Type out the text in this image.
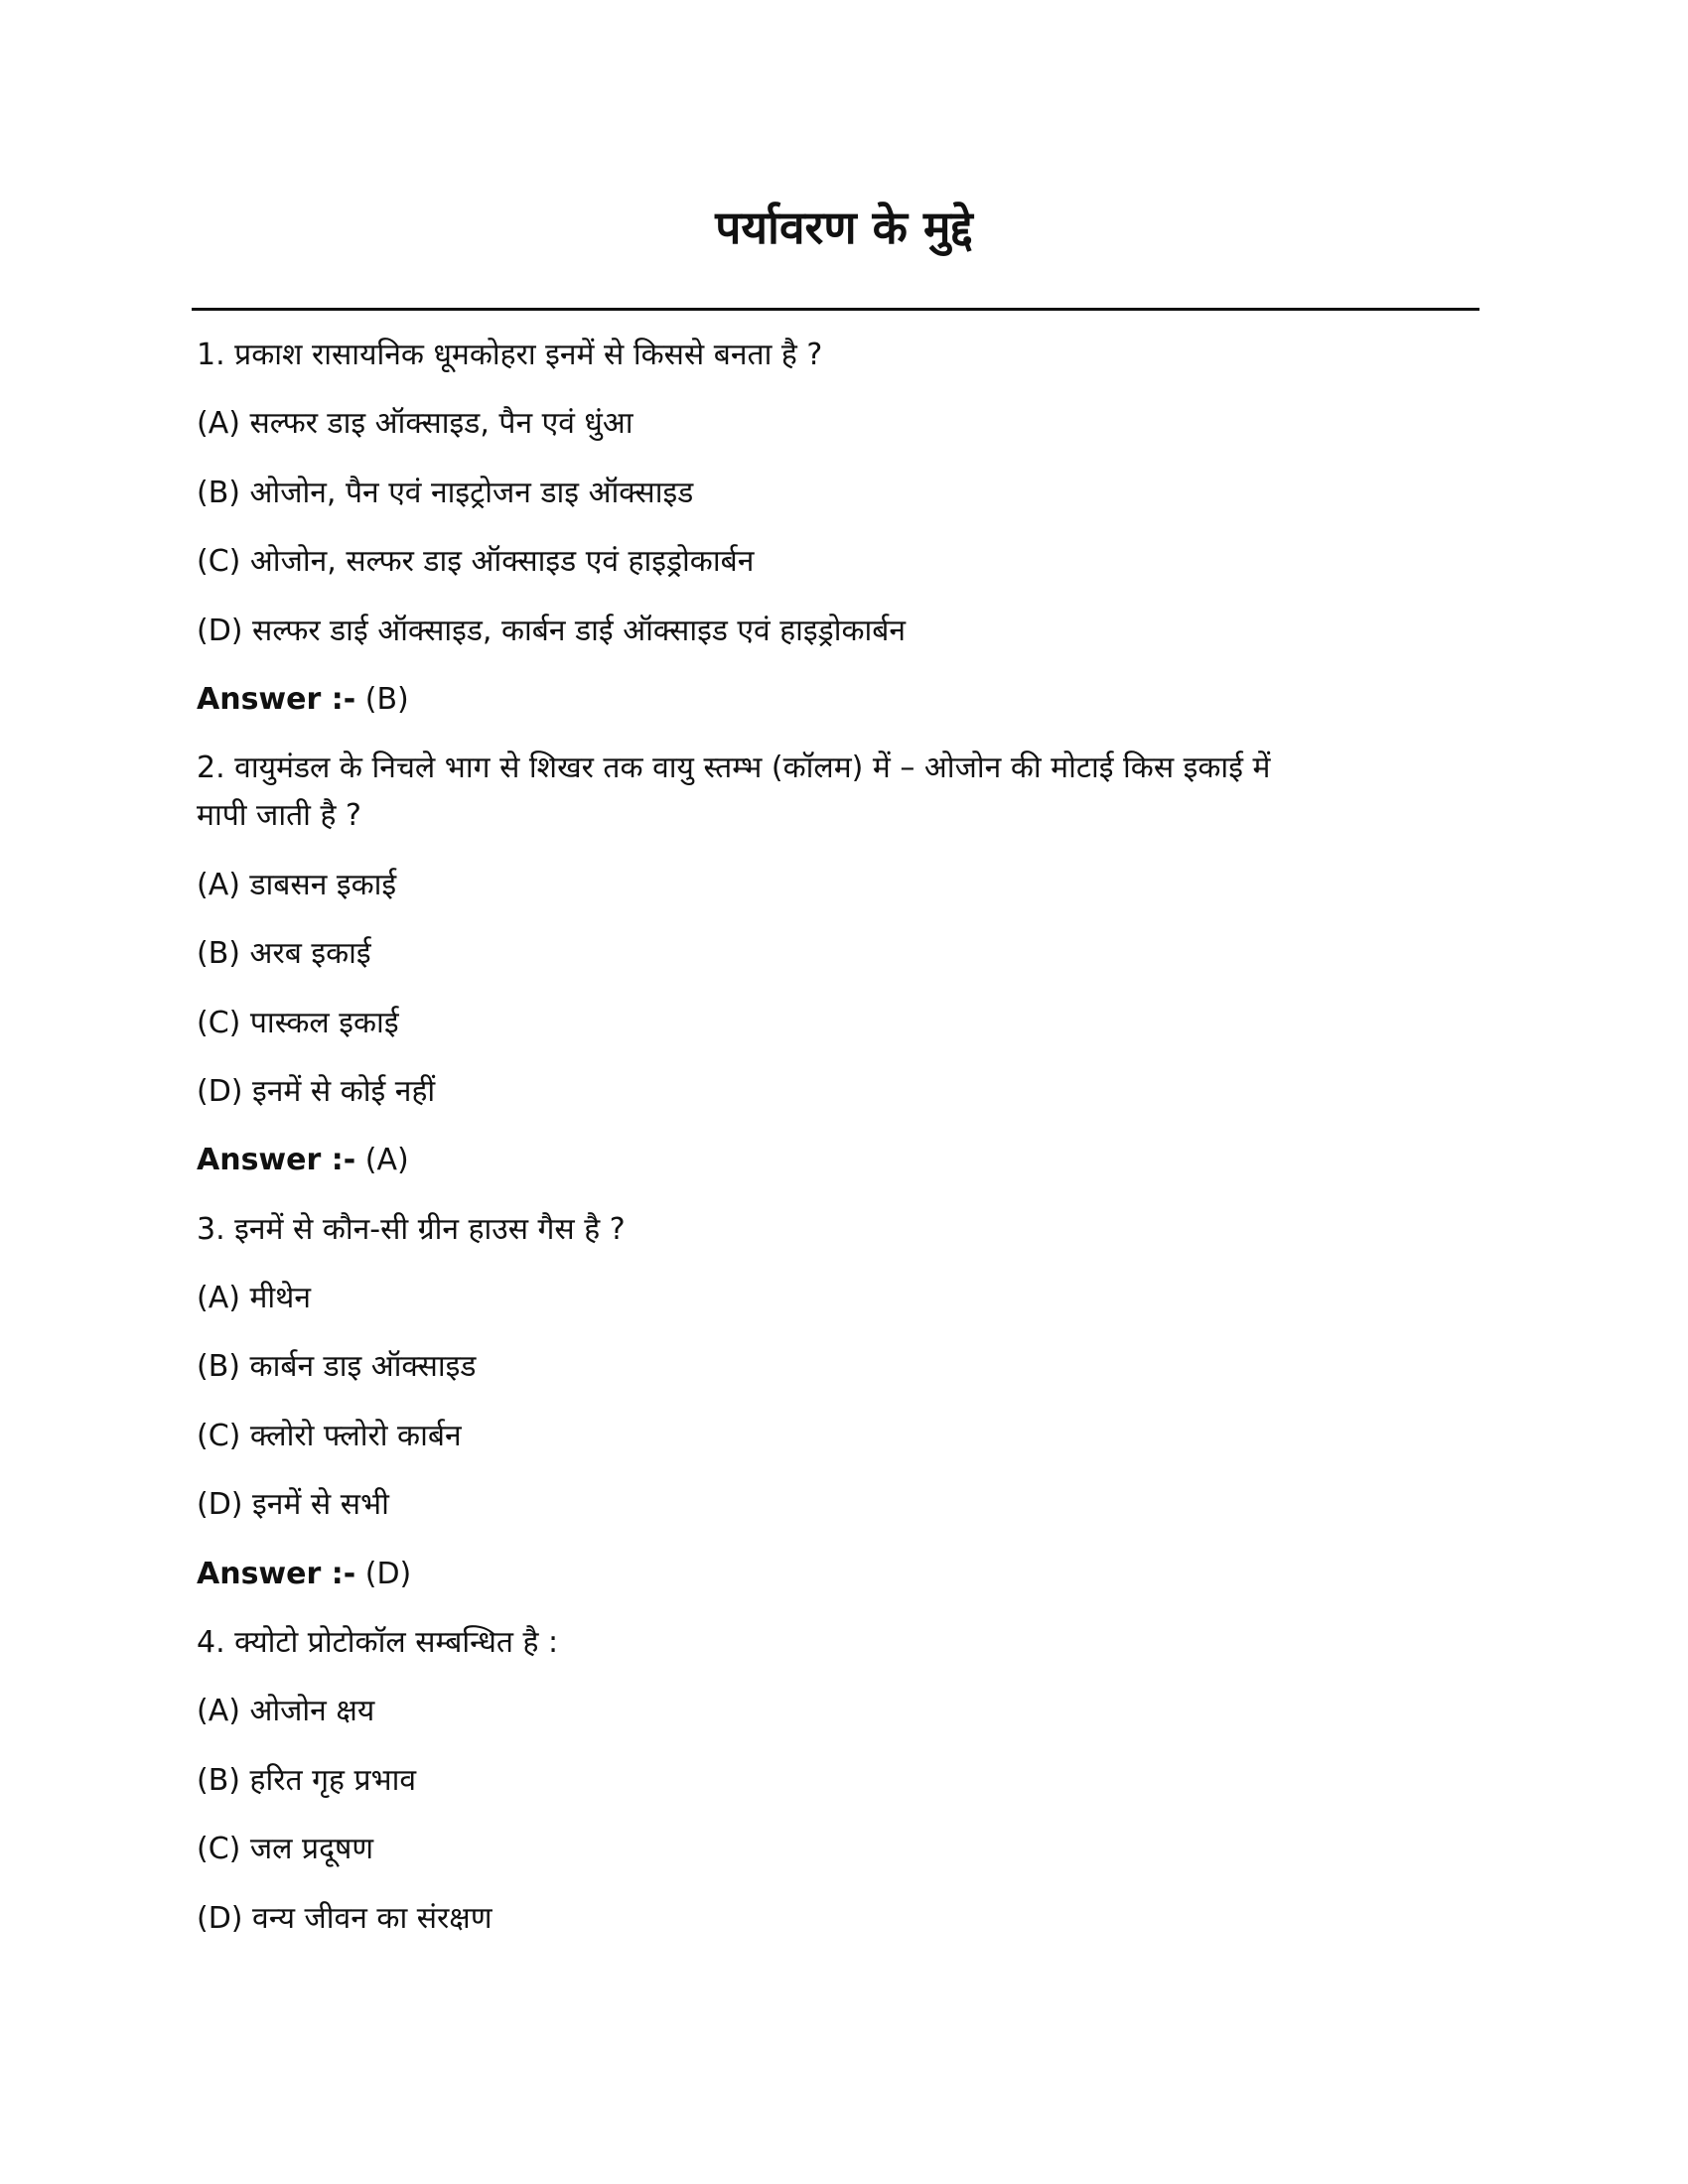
पर्यावरण के मुद्दे
1. प्रकाश रासायनिक धूमकोहरा इनमें से किससे बनता है ?
(A) सल्फर डाइ ऑक्साइड, पैन एवं धुंआ
(B) ओजोन, पैन एवं नाइट्रोजन डाइ ऑक्साइड
(C) ओजोन, सल्फर डाइ ऑक्साइड एवं हाइड्रोकार्बन
(D) सल्फर डाई ऑक्साइड, कार्बन डाई ऑक्साइड एवं हाइड्रोकार्बन
Answer :- (B)
2. वायुमंडल के निचले भाग से शिखर तक वायु स्तम्भ (कॉलम) में – ओजोन की मोटाई किस इकाई में
मापी जाती है ?
(A) डाबसन इकाई
(B) अरब इकाई
(C) पास्कल इकाई
(D) इनमें से कोई नहीं
Answer :- (A)
3. इनमें से कौन-सी ग्रीन हाउस गैस है ?
(A) मीथेन
(B) कार्बन डाइ ऑक्साइड
(C) क्लोरो फ्लोरो कार्बन
(D) इनमें से सभी
Answer :- (D)
4. क्योटो प्रोटोकॉल सम्बन्धित है :
(A) ओजोन क्षय
(B) हरित गृह प्रभाव
(C) जल प्रदूषण
(D) वन्य जीवन का संरक्षण
